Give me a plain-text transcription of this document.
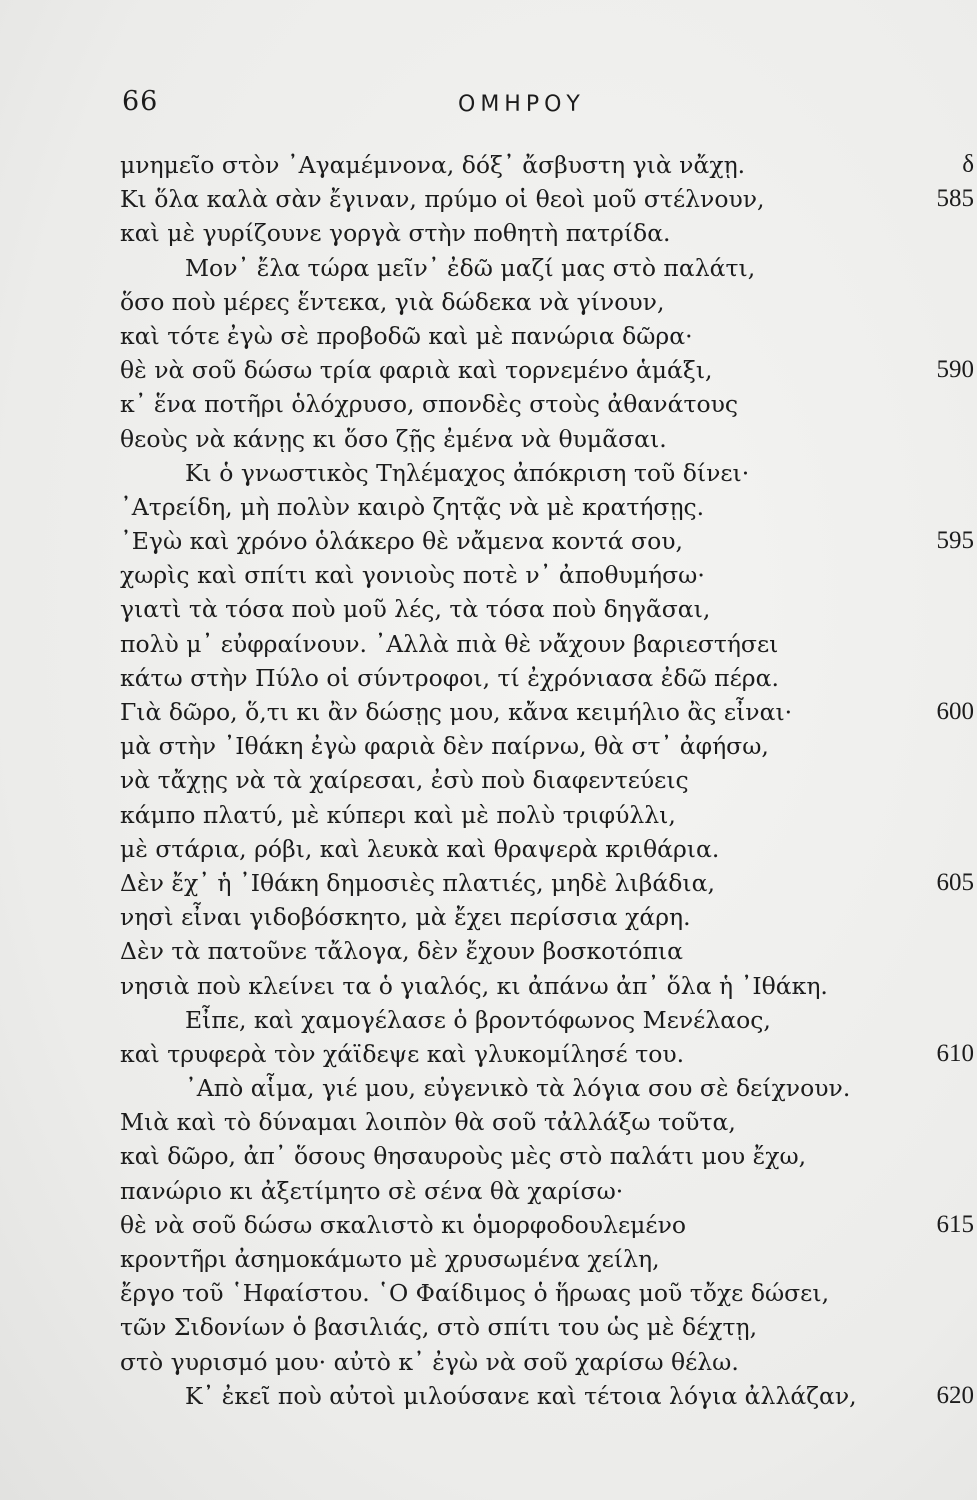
66	ΟΜΗΡΟΥ
μνημεῖο στὸν ᾿Αγαμέμνονα, δόξ᾿ ἄσβυστη γιὰ νἄχῃ.	δ
Κι ὅλα καλὰ σὰν ἔγιναν, πρύμο οἱ θεοὶ μοῦ στέλνουν,	585
καὶ μὲ γυρίζουνε γοργὰ στὴν ποθητὴ πατρίδα.
Μον᾿ ἔλα τώρα μεῖν᾿ ἐδῶ μαζί μας στὸ παλάτι,
ὅσο ποὺ μέρες ἕντεκα, γιὰ δώδεκα νὰ γίνουν,
καὶ τότε ἐγὼ σὲ προβοδῶ καὶ μὲ πανώρια δῶρα·
θὲ νὰ σοῦ δώσω τρία φαριὰ καὶ τορνεμένο ἁμάξι,	590
κ᾿ ἕνα ποτῆρι ὁλόχρυσο, σπονδὲς στοὺς ἀθανάτους
θεοὺς νὰ κάνῃς κι ὅσο ζῇς ἐμένα νὰ θυμᾶσαι.
Κι ὁ γνωστικὸς Τηλέμαχος ἀπόκριση τοῦ δίνει·
᾿Ατρείδη, μὴ πολὺν καιρὸ ζητᾷς νὰ μὲ κρατήσῃς.
᾿Εγὼ καὶ χρόνο ὁλάκερο θὲ νἄμενα κοντά σου,	595
χωρὶς καὶ σπίτι καὶ γονιοὺς ποτὲ ν᾿ ἀποθυμήσω·
γιατὶ τὰ τόσα ποὺ μοῦ λές, τὰ τόσα ποὺ δηγᾶσαι,
πολὺ μ᾿ εὐφραίνουν. ᾿Αλλὰ πιὰ θὲ νἄχουν βαριεστήσει
κάτω στὴν Πύλο οἱ σύντροφοι, τί ἐχρόνιασα ἐδῶ πέρα.
Γιὰ δῶρο, ὅ,τι κι ἂν δώσῃς μου, κἄνα κειμήλιο ἂς εἶναι·	600
μὰ στὴν ᾿Ιθάκη ἐγὼ φαριὰ δὲν παίρνω, θὰ στ᾿ ἀφήσω,
νὰ τἄχῃς νὰ τὰ χαίρεσαι, ἐσὺ ποὺ διαφεντεύεις
κάμπο πλατύ, μὲ κύπερι καὶ μὲ πολὺ τριφύλλι,
μὲ στάρια, ρόβι, καὶ λευκὰ καὶ θραψερὰ κριθάρια.
Δὲν ἔχ᾿ ἡ ᾿Ιθάκη δημοσιὲς πλατιές, μηδὲ λιβάδια,	605
νησὶ εἶναι γιδοβόσκητο, μὰ ἔχει περίσσια χάρη.
Δὲν τὰ πατοῦνε τἄλογα, δὲν ἔχουν βοσκοτόπια
νησιὰ ποὺ κλείνει τα ὁ γιαλός, κι ἀπάνω ἀπ᾿ ὅλα ἡ ᾿Ιθάκη.
Εἶπε, καὶ χαμογέλασε ὁ βροντόφωνος Μενέλαος,
καὶ τρυφερὰ τὸν χάϊδεψε καὶ γλυκομίλησέ του.	610
᾿Απὸ αἷμα, γιέ μου, εὐγενικὸ τὰ λόγια σου σὲ δείχνουν.
Μιὰ καὶ τὸ δύναμαι λοιπὸν θὰ σοῦ τἀλλάξω τοῦτα,
καὶ δῶρο, ἀπ᾿ ὅσους θησαυροὺς μὲς στὸ παλάτι μου ἔχω,
πανώριο κι ἀξετίμητο σὲ σένα θὰ χαρίσω·
θὲ νὰ σοῦ δώσω σκαλιστὸ κι ὁμορφοδουλεμένο	615
κροντῆρι ἀσημοκάμωτο μὲ χρυσωμένα χείλη,
ἔργο τοῦ ῾Ηφαίστου. ῾Ο Φαίδιμος ὁ ἥρωας μοῦ τὄχε δώσει,
τῶν Σιδονίων ὁ βασιλιάς, στὸ σπίτι του ὡς μὲ δέχτῃ,
στὸ γυρισμό μου· αὐτὸ κ᾿ ἐγὼ νὰ σοῦ χαρίσω θέλω.
Κ᾿ ἐκεῖ ποὺ αὐτοὶ μιλούσανε καὶ τέτοια λόγια ἀλλάζαν,	620
